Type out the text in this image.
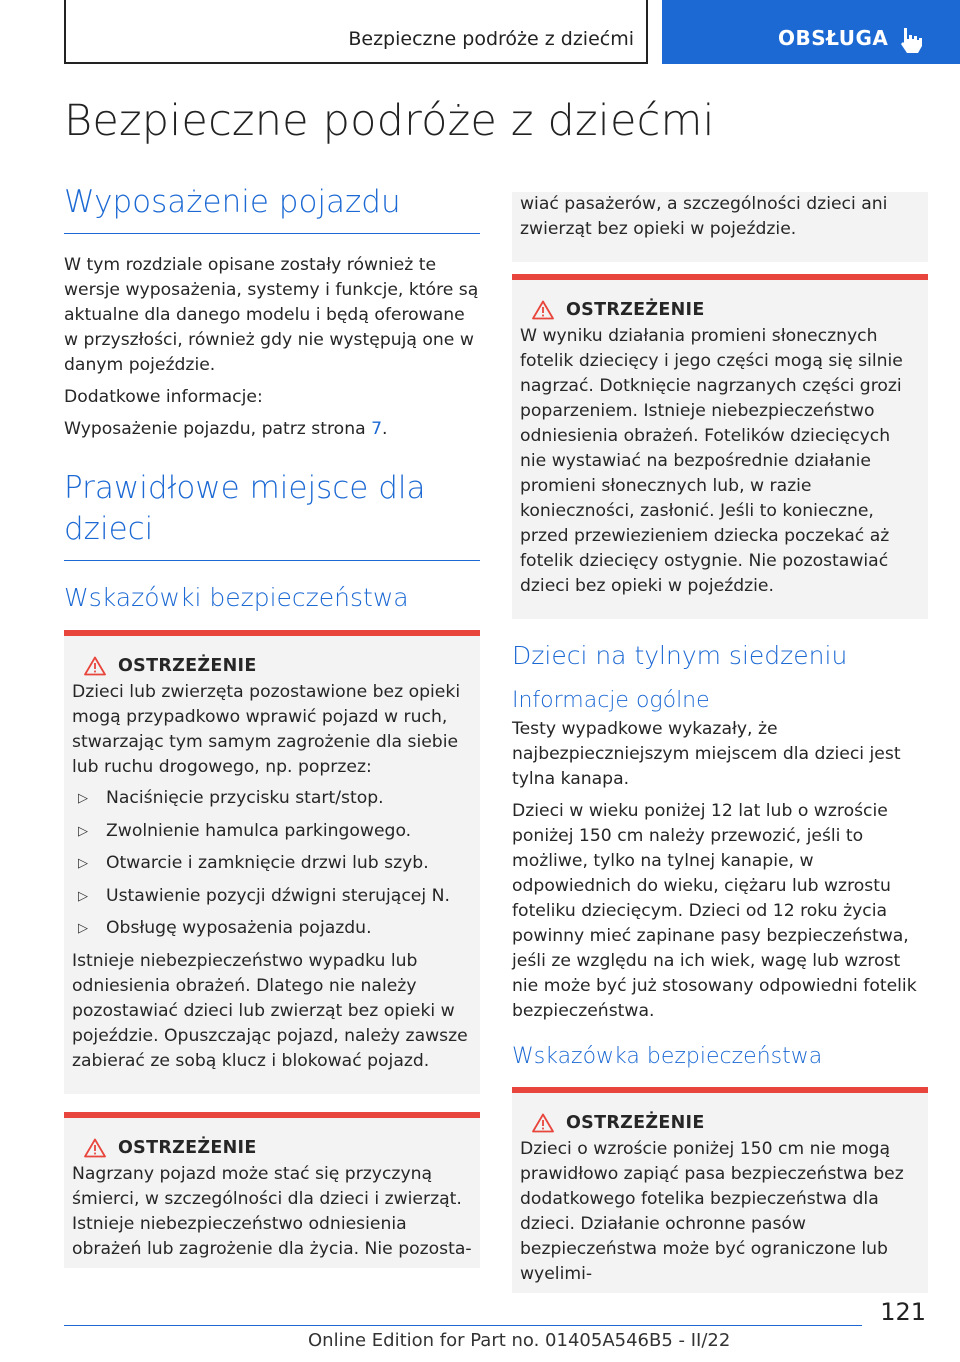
Bezpieczne podróże z dziećmi	OBSŁUGA
Bezpieczne podróże z dziećmi
Wyposażenie pojazdu

W tym rozdziale opisane zostały również te wersje wyposażenia, systemy i funkcje, które są aktualne dla danego modelu i będą oferowane w przyszłości, również gdy nie występują one w danym pojeździe.

Dodatkowe informacje:

Wyposażenie pojazdu, patrz strona 7.

Prawidłowe miejsce dla dzieci
Wskazówki bezpieczeństwa
OSTRZEŻENIE

Dzieci lub zwierzęta pozostawione bez opieki mogą przypadkowo wprawić pojazd w ruch, stwarzając tym samym zagrożenie dla siebie lub ruchu drogowego, np. poprzez:

▷	Naciśnięcie przycisku start/stop.
▷	Zwolnienie hamulca parkingowego.
▷	Otwarcie i zamknięcie drzwi lub szyb.
▷	Ustawienie pozycji dźwigni sterującej N.
▷	Obsługę wyposażenia pojazdu.

Istnieje niebezpieczeństwo wypadku lub odniesienia obrażeń. Dlatego nie należy pozostawiać dzieci lub zwierząt bez opieki w pojeździe. Opuszczając pojazd, należy zawsze zabierać ze sobą klucz i blokować pojazd.

OSTRZEŻENIE

Nagrzany pojazd może stać się przyczyną śmierci, w szczególności dla dzieci i zwierząt. Istnieje niebezpieczeństwo odniesienia obrażeń lub zagrożenie dla życia. Nie pozosta-

wiać pasażerów, a szczególności dzieci ani zwierząt bez opieki w pojeździe.

OSTRZEŻENIE

W wyniku działania promieni słonecznych fotelik dziecięcy i jego części mogą się silnie nagrzać. Dotknięcie nagrzanych części grozi poparzeniem. Istnieje niebezpieczeństwo odniesienia obrażeń. Fotelików dziecięcych nie wystawiać na bezpośrednie działanie promieni słonecznych lub, w razie konieczności, zasłonić. Jeśli to konieczne, przed przewiezieniem dziecka poczekać aż fotelik dziecięcy ostygnie. Nie pozostawiać dzieci bez opieki w pojeździe.

Dzieci na tylnym siedzeniu
Informacje ogólne

Testy wypadkowe wykazały, że najbezpieczniejszym miejscem dla dzieci jest tylna kanapa.

Dzieci w wieku poniżej 12 lat lub o wzroście poniżej 150 cm należy przewozić, jeśli to możliwe, tylko na tylnej kanapie, w odpowiednich do wieku, ciężaru lub wzrostu foteliku dziecięcym. Dzieci od 12 roku życia powinny mieć zapinane pasy bezpieczeństwa, jeśli ze względu na ich wiek, wagę lub wzrost nie może być już stosowany odpowiedni fotelik bezpieczeństwa.

Wskazówka bezpieczeństwa
OSTRZEŻENIE

Dzieci o wzroście poniżej 150 cm nie mogą prawidłowo zapiąć pasa bezpieczeństwa bez dodatkowego fotelika bezpieczeństwa dla dzieci. Działanie ochronne pasów bezpieczeństwa może być ograniczone lub wyelimi-

121
Online Edition for Part no. 01405A546B5 - II/22
